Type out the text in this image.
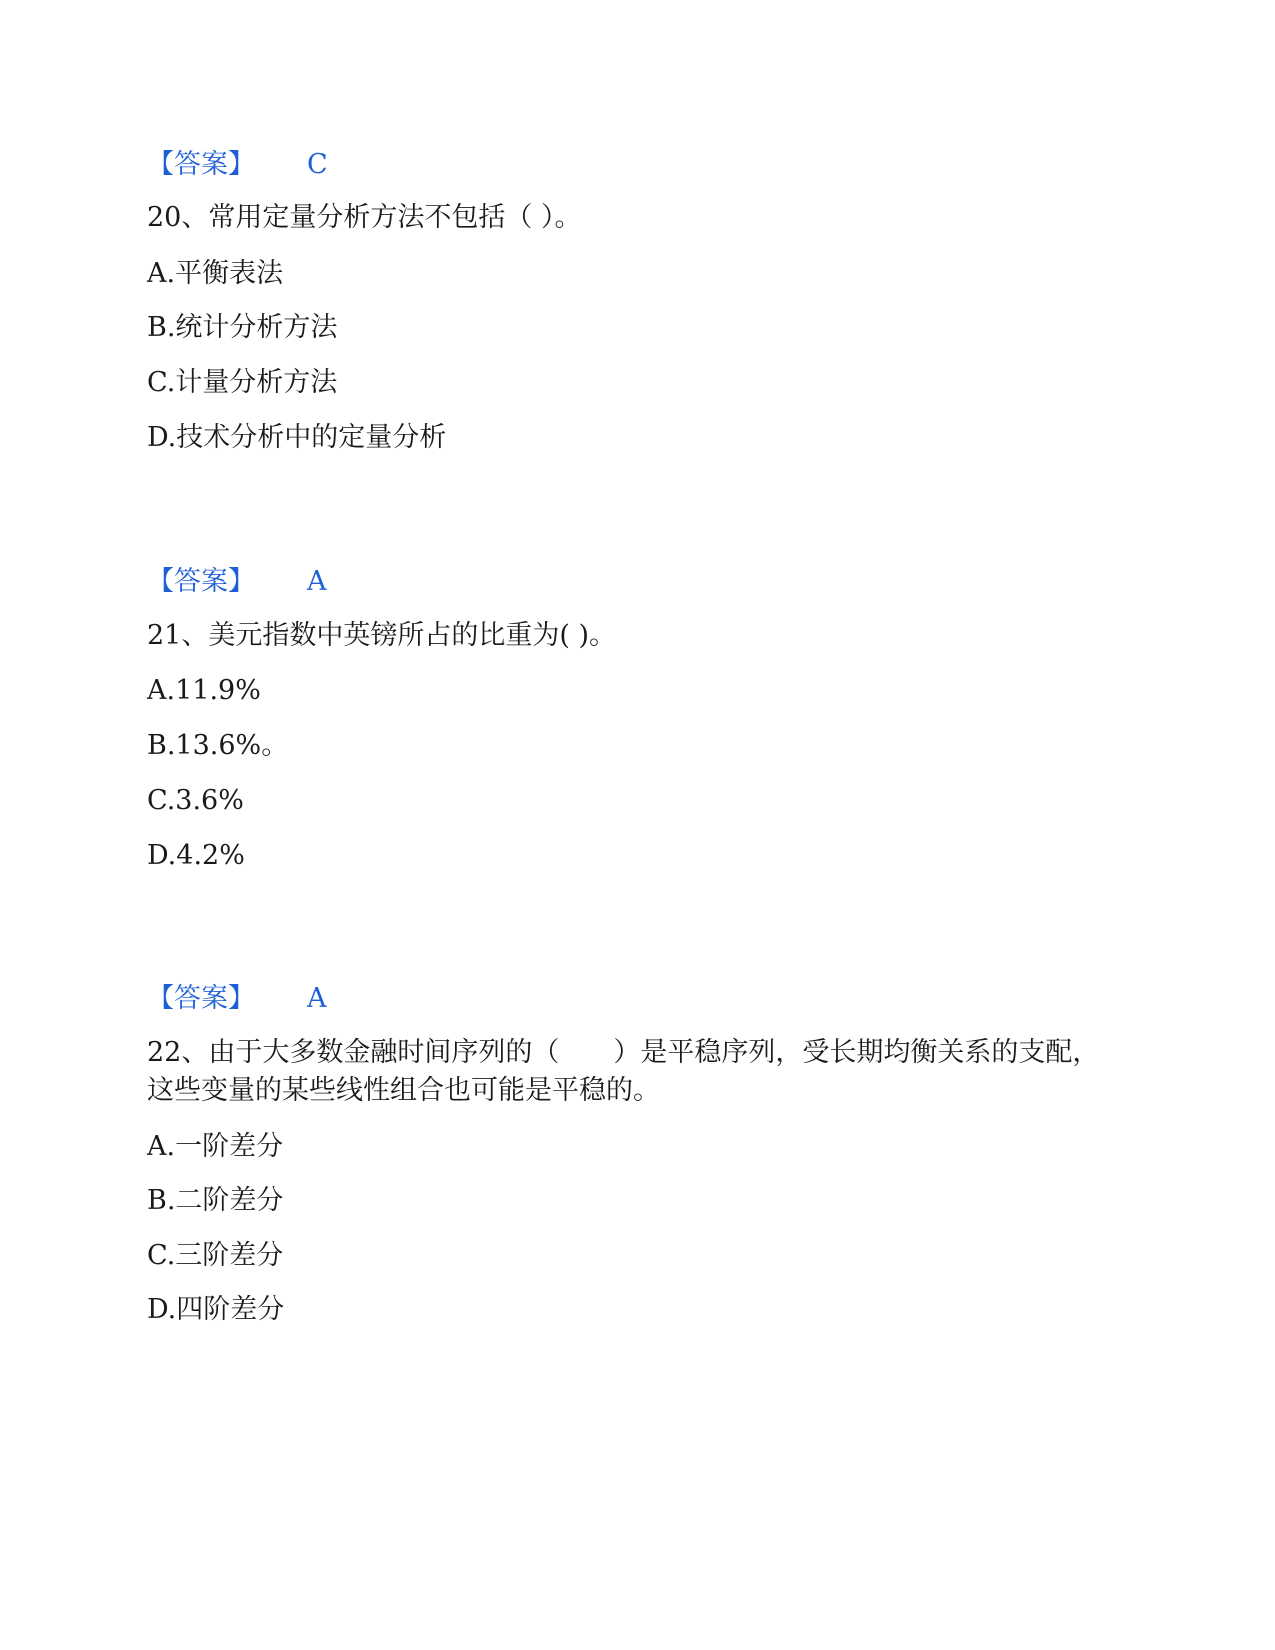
【答案】 C
20、常用定量分析方法不包括（ ）。
A.平衡表法
B.统计分析方法
C.计量分析方法
D.技术分析中的定量分析
【答案】 A
21、美元指数中英镑所占的比重为( )。
A.11.9%
B.13.6%。
C.3.6%
D.4.2%
【答案】 A
22、由于大多数金融时间序列的（　　）是平稳序列，受长期均衡关系的支配，这些变量的某些线性组合也可能是平稳的。
A.一阶差分
B.二阶差分
C.三阶差分
D.四阶差分
